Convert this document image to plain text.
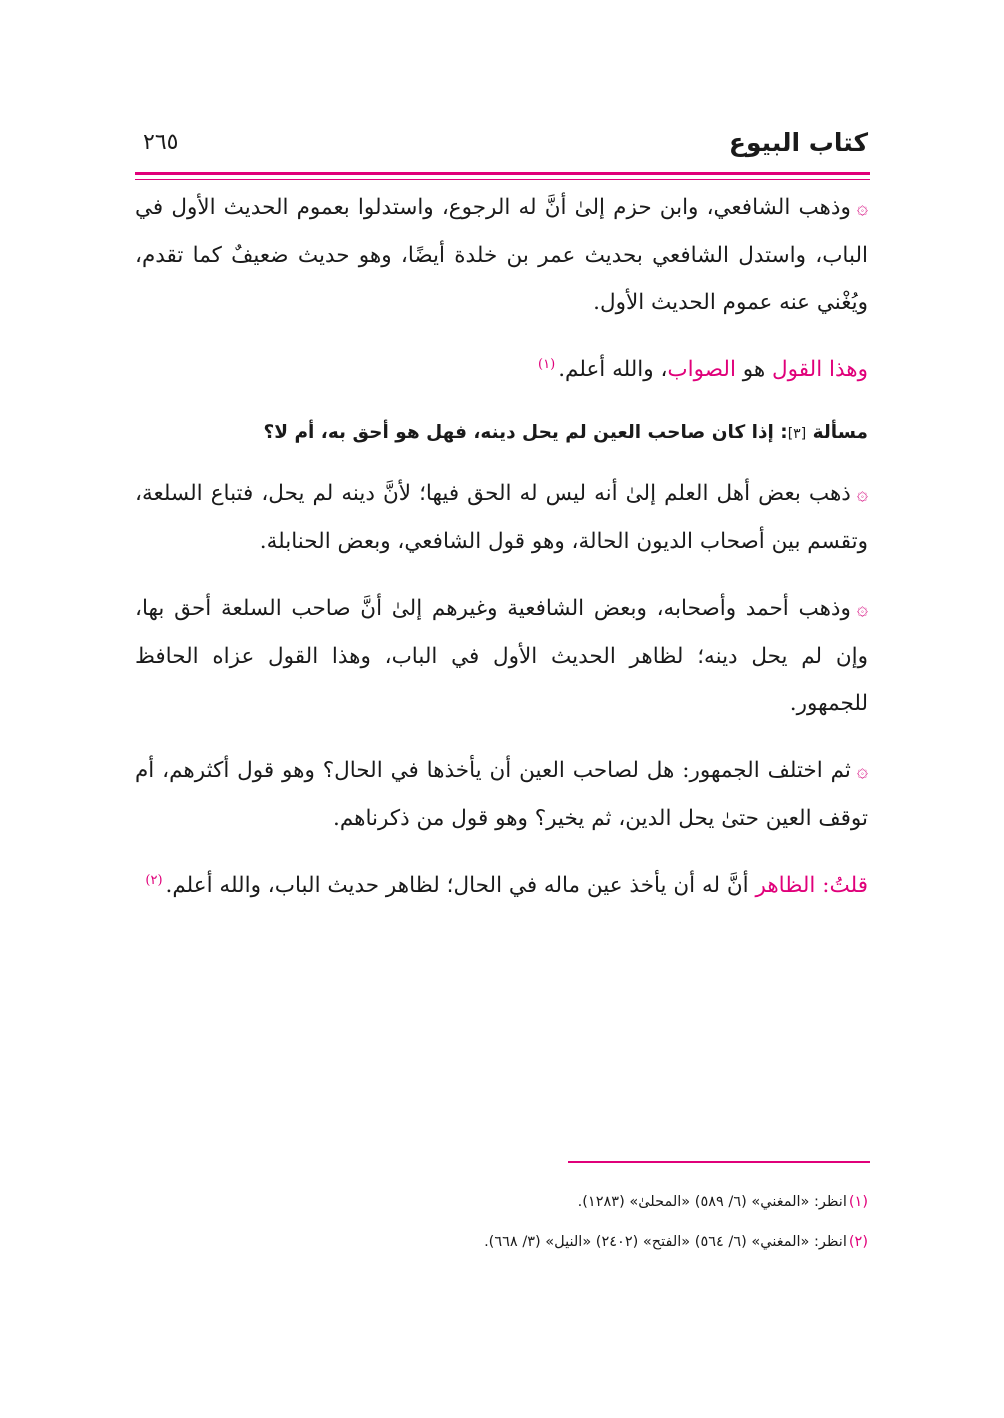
كتاب البيوع
٢٦٥

۞وذهب الشافعي، وابن حزم إلىٰ أنَّ له الرجوع، واستدلوا بعموم الحديث الأول في الباب، واستدل الشافعي بحديث عمر بن خلدة أيضًا، وهو حديث ضعيفٌ كما تقدم، ويُغْني عنه عموم الحديث الأول.

وهذا القول هو الصواب، والله أعلم.$^{(١)}$

مسألة [٣]: إذا كان صاحب العين لم يحل دينه، فهل هو أحق به، أم لا؟

۞ذهب بعض أهل العلم إلىٰ أنه ليس له الحق فيها؛ لأنَّ دينه لم يحل، فتباع السلعة، وتقسم بين أصحاب الديون الحالة، وهو قول الشافعي، وبعض الحنابلة.

۞وذهب أحمد وأصحابه، وبعض الشافعية وغيرهم إلىٰ أنَّ صاحب السلعة أحق بها، وإن لم يحل دينه؛ لظاهر الحديث الأول في الباب، وهذا القول عزاه الحافظ للجمهور.

۞ثم اختلف الجمهور: هل لصاحب العين أن يأخذها في الحال؟ وهو قول أكثرهم، أم توقف العين حتىٰ يحل الدين، ثم يخير؟ وهو قول من ذكرناهم.

قلتُ: الظاهر أنَّ له أن يأخذ عين ماله في الحال؛ لظاهر حديث الباب، والله أعلم.$^{(٢)}$

(١)انظر: «المغني» (٦/ ٥٨٩) «المحلىٰ» (١٢٨٣).
(٢)انظر: «المغني» (٦/ ٥٦٤) «الفتح» (٢٤٠٢) «النيل» (٣/ ٦٦٨).
